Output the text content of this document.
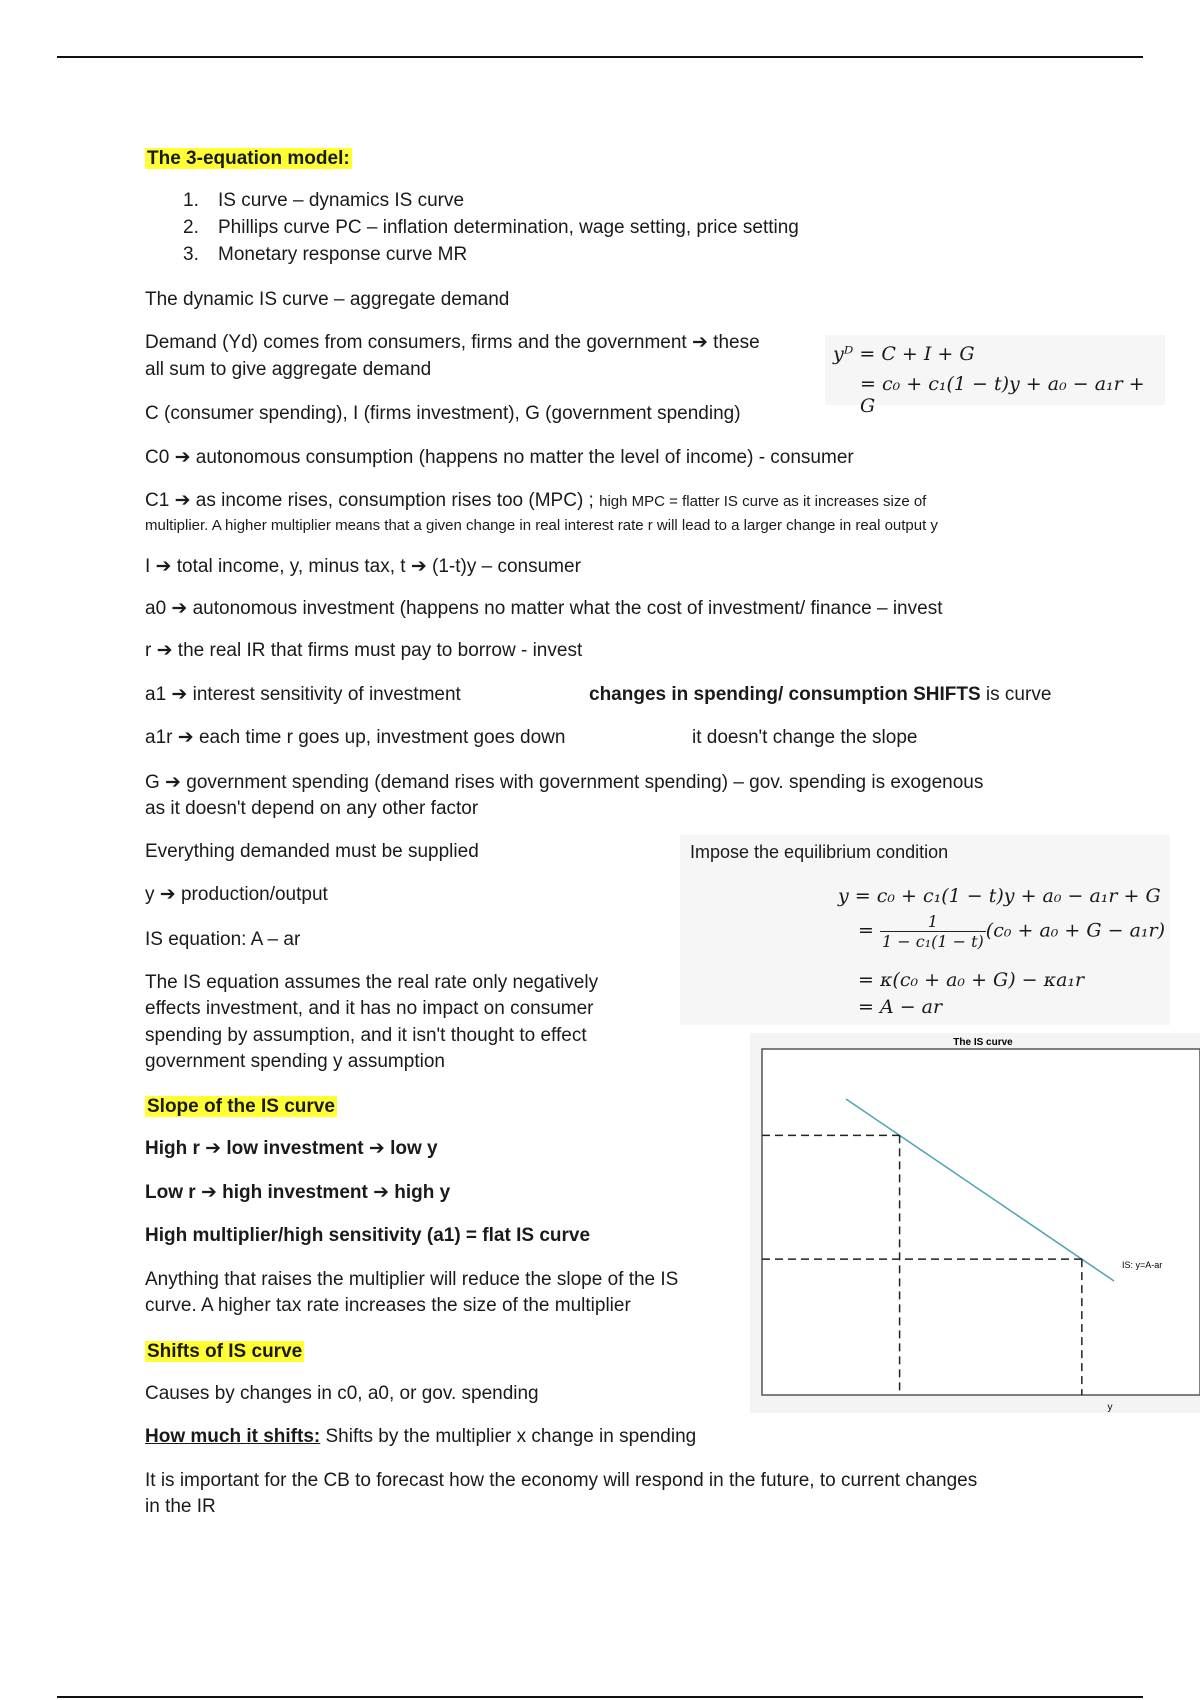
The 3-equation model:
1. IS curve – dynamics IS curve
2. Phillips curve PC – inflation determination, wage setting, price setting
3. Monetary response curve MR
The dynamic IS curve – aggregate demand
Demand (Yd) comes from consumers, firms and the government ➔ these
all sum to give aggregate demand
yᴰ = C + I + G
= c₀ + c₁(1 − t)y + a₀ − a₁r + G
C (consumer spending), I (firms investment), G (government spending)
C0 ➔ autonomous consumption (happens no matter the level of income) - consumer
C1 ➔ as income rises, consumption rises too (MPC) ; high MPC = flatter IS curve as it increases size of
multiplier. A higher multiplier means that a given change in real interest rate r will lead to a larger change in real output y
I ➔ total income, y, minus tax, t ➔ (1-t)y – consumer
a0 ➔ autonomous investment (happens no matter what the cost of investment/ finance – invest
r ➔ the real IR that firms must pay to borrow - invest
a1 ➔ interest sensitivity of investment	changes in spending/ consumption SHIFTS is curve
a1r ➔ each time r goes up, investment goes down	it doesn't change the slope
G ➔ government spending (demand rises with government spending) – gov. spending is exogenous
as it doesn't depend on any other factor
Everything demanded must be supplied	Impose the equilibrium condition
y = c₀ + c₁(1 − t)y + a₀ − a₁r + G
= $\frac{1}{\text{1 − c₁(1 − t)}} (c_0 + a_0 + G - a_1r)$
= κ(c₀ + a₀ + G) − κa₁r
= A − ar
y ➔ production/output
IS equation: A – ar
The IS equation assumes the real rate only negatively
effects investment, and it has no impact on consumer
spending by assumption, and it isn't thought to effect
government spending y assumption
Slope of the IS curve
High r ➔ low investment ➔ low y
Low r ➔ high investment ➔ high y
High multiplier/high sensitivity (a1) = flat IS curve
Anything that raises the multiplier will reduce the slope of the IS
curve. A higher tax rate increases the size of the multiplier
Shifts of IS curve
Causes by changes in c0, a0, or gov. spending
How much it shifts: Shifts by the multiplier x change in spending
It is important for the CB to forecast how the economy will respond in the future, to current changes
in the IR
The IS curve
y
IS: y=A-ar
